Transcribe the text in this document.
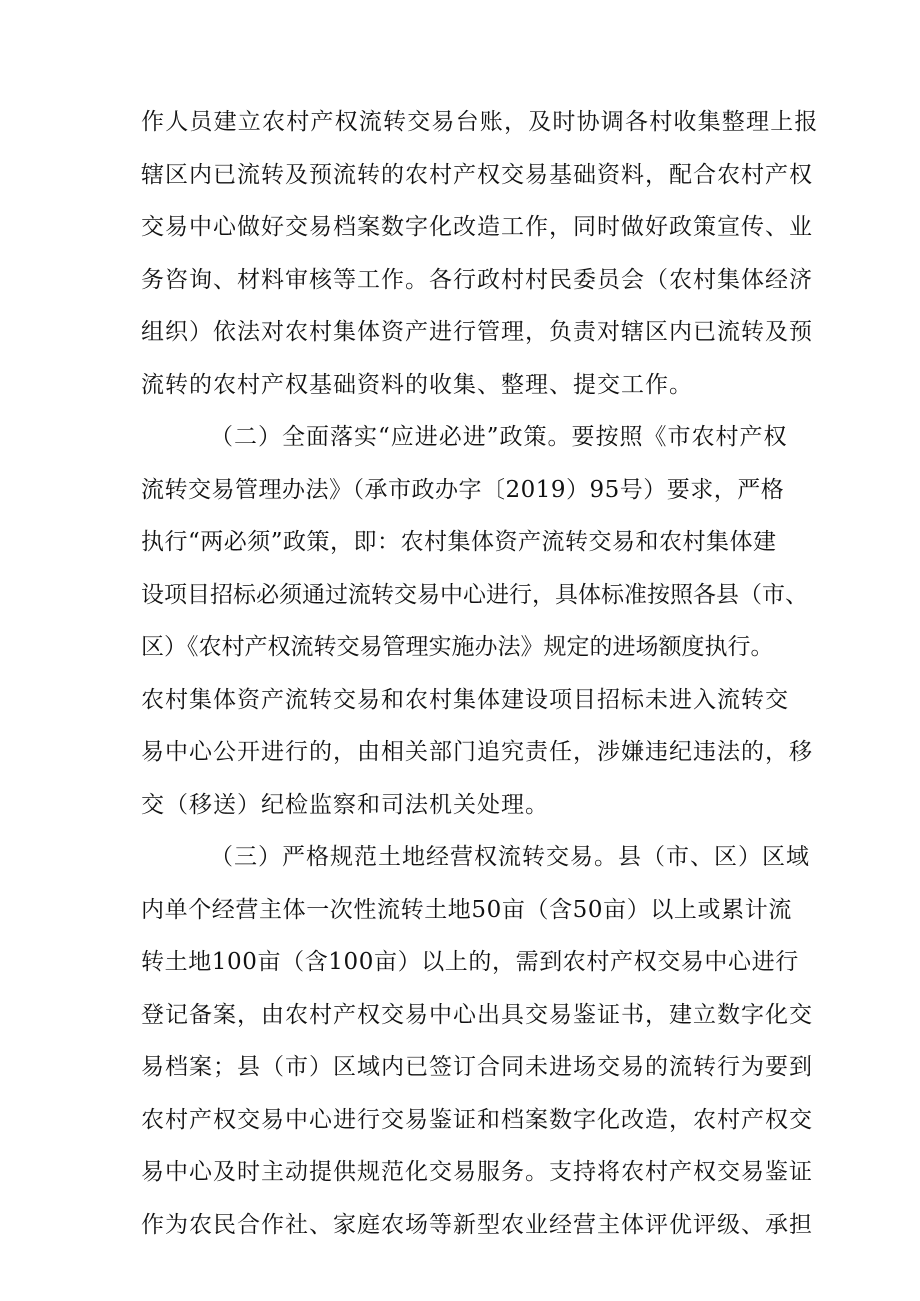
作人员建立农村产权流转交易台账，及时协调各村收集整理上报
辖区内已流转及预流转的农村产权交易基础资料，配合农村产权
交易中心做好交易档案数字化改造工作，同时做好政策宣传、业
务咨询、材料审核等工作。各行政村村民委员会（农村集体经济
组织）依法对农村集体资产进行管理，负责对辖区内已流转及预
流转的农村产权基础资料的收集、整理、提交工作。
（二）全面落实“应进必进”政策。要按照《市农村产权
流转交易管理办法》（承市政办字〔2019）95号）要求，严格
执行“两必须”政策，即：农村集体资产流转交易和农村集体建
设项目招标必须通过流转交易中心进行，具体标准按照各县（市、
区）《农村产权流转交易管理实施办法》规定的进场额度执行。
农村集体资产流转交易和农村集体建设项目招标未进入流转交
易中心公开进行的，由相关部门追究责任，涉嫌违纪违法的，移
交（移送）纪检监察和司法机关处理。
（三）严格规范土地经营权流转交易。县（市、区）区域
内单个经营主体一次性流转土地50亩（含50亩）以上或累计流
转土地100亩（含100亩）以上的，需到农村产权交易中心进行
登记备案，由农村产权交易中心出具交易鉴证书，建立数字化交
易档案；县（市）区域内已签订合同未进场交易的流转行为要到
农村产权交易中心进行交易鉴证和档案数字化改造，农村产权交
易中心及时主动提供规范化交易服务。支持将农村产权交易鉴证
作为农民合作社、家庭农场等新型农业经营主体评优评级、承担
